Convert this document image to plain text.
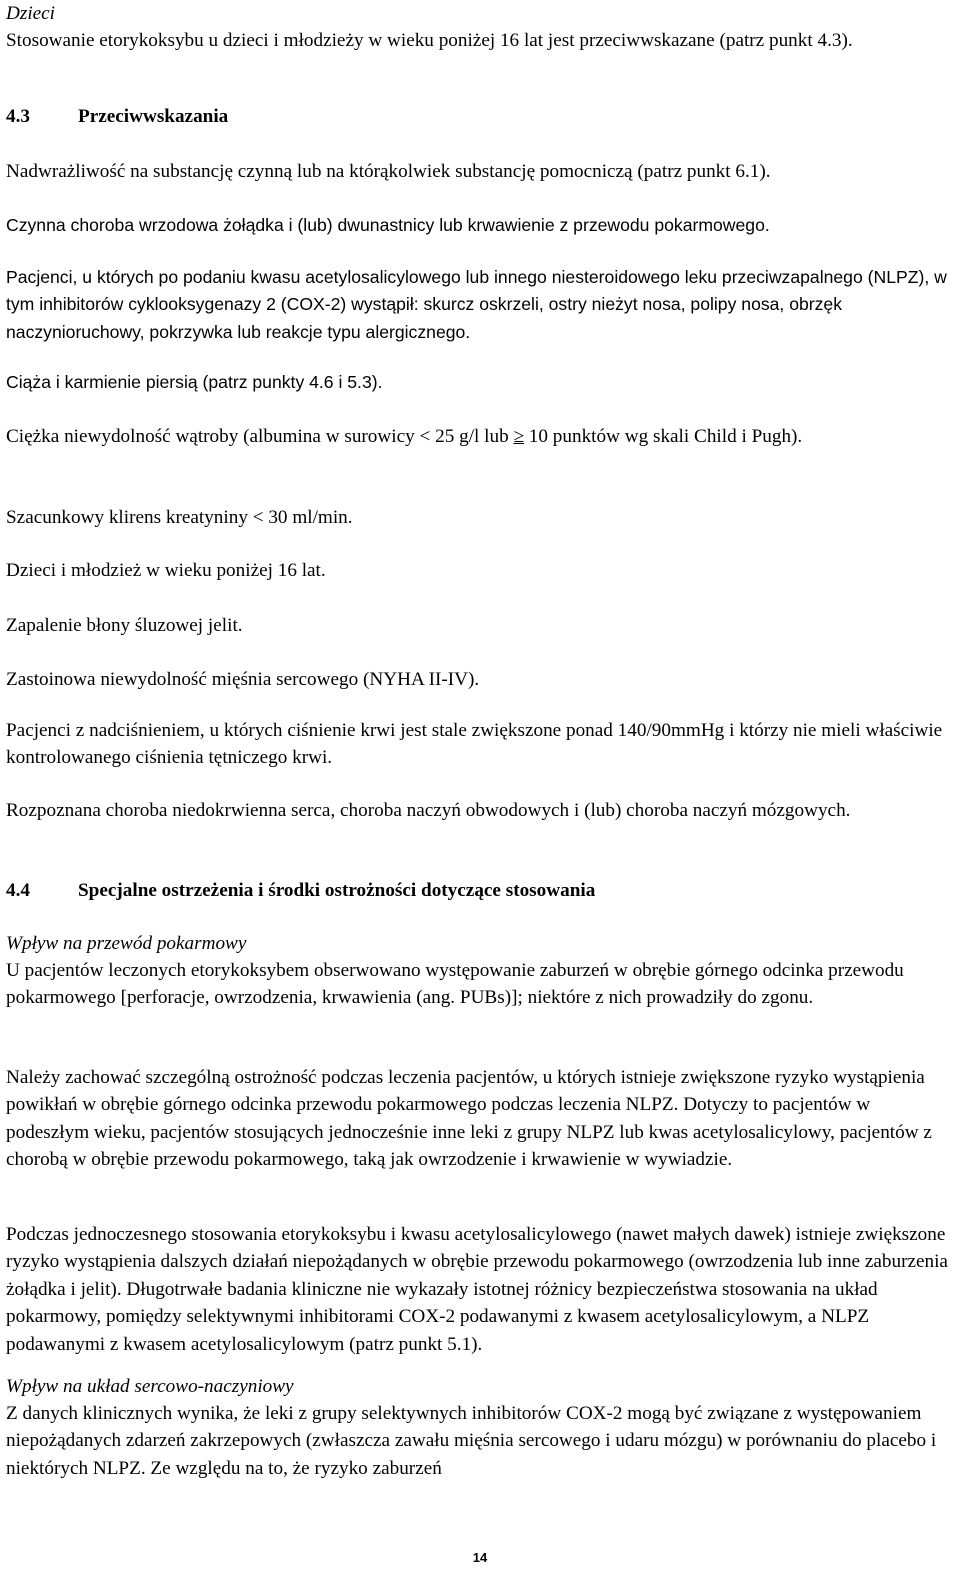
Dzieci

Stosowanie etorykoksybu u dzieci i młodzieży w wieku poniżej 16 lat jest przeciwwskazane (patrz punkt 4.3).

4.3	Przeciwwskazania

Nadwrażliwość na substancję czynną lub na którąkolwiek substancję pomocniczą (patrz punkt 6.1).

Czynna choroba wrzodowa żołądka i (lub) dwunastnicy lub krwawienie z przewodu pokarmowego.

Pacjenci, u których po podaniu kwasu acetylosalicylowego lub innego niesteroidowego leku przeciwzapalnego (NLPZ), w tym inhibitorów cyklooksygenazy 2 (COX-2) wystąpił: skurcz oskrzeli, ostry nieżyt nosa, polipy nosa, obrzęk naczynioruchowy, pokrzywka lub reakcje typu alergicznego.

Ciąża i karmienie piersią (patrz punkty 4.6 i 5.3).

Ciężka niewydolność wątroby (albumina w surowicy < 25 g/l lub ≥ 10 punktów wg skali Child i Pugh).

Szacunkowy klirens kreatyniny < 30 ml/min.

Dzieci i młodzież w wieku poniżej 16 lat.

Zapalenie błony śluzowej jelit.

Zastoinowa niewydolność mięśnia sercowego (NYHA II-IV).

Pacjenci z nadciśnieniem, u których ciśnienie krwi jest stale zwiększone ponad 140/90mmHg i którzy nie mieli właściwie kontrolowanego ciśnienia tętniczego krwi.

Rozpoznana choroba niedokrwienna serca, choroba naczyń obwodowych i (lub) choroba naczyń mózgowych.

4.4	Specjalne ostrzeżenia i środki ostrożności dotyczące stosowania

Wpływ na przewód pokarmowy

U pacjentów leczonych etorykoksybem obserwowano występowanie zaburzeń w obrębie górnego odcinka przewodu pokarmowego [perforacje, owrzodzenia, krwawienia (ang. PUBs)]; niektóre z nich prowadziły do zgonu.

Należy zachować szczególną ostrożność podczas leczenia pacjentów, u których istnieje zwiększone ryzyko wystąpienia powikłań w obrębie górnego odcinka przewodu pokarmowego podczas leczenia NLPZ. Dotyczy to pacjentów w podeszłym wieku, pacjentów stosujących jednocześnie inne leki z grupy NLPZ lub kwas acetylosalicylowy, pacjentów z chorobą w obrębie przewodu pokarmowego, taką jak owrzodzenie i krwawienie w wywiadzie.

Podczas jednoczesnego stosowania etorykoksybu i kwasu acetylosalicylowego (nawet małych dawek) istnieje zwiększone ryzyko wystąpienia dalszych działań niepożądanych w obrębie przewodu pokarmowego (owrzodzenia lub inne zaburzenia żołądka i jelit). Długotrwałe badania kliniczne nie wykazały istotnej różnicy bezpieczeństwa stosowania na układ pokarmowy, pomiędzy selektywnymi inhibitorami COX-2 podawanymi z kwasem acetylosalicylowym, a NLPZ podawanymi z kwasem acetylosalicylowym (patrz punkt 5.1).

Wpływ na układ sercowo-naczyniowy

Z danych klinicznych wynika, że leki z grupy selektywnych inhibitorów COX-2 mogą być związane z występowaniem niepożądanych zdarzeń zakrzepowych (zwłaszcza zawału mięśnia sercowego i udaru mózgu) w porównaniu do placebo i niektórych NLPZ. Ze względu na to, że ryzyko zaburzeń

14
